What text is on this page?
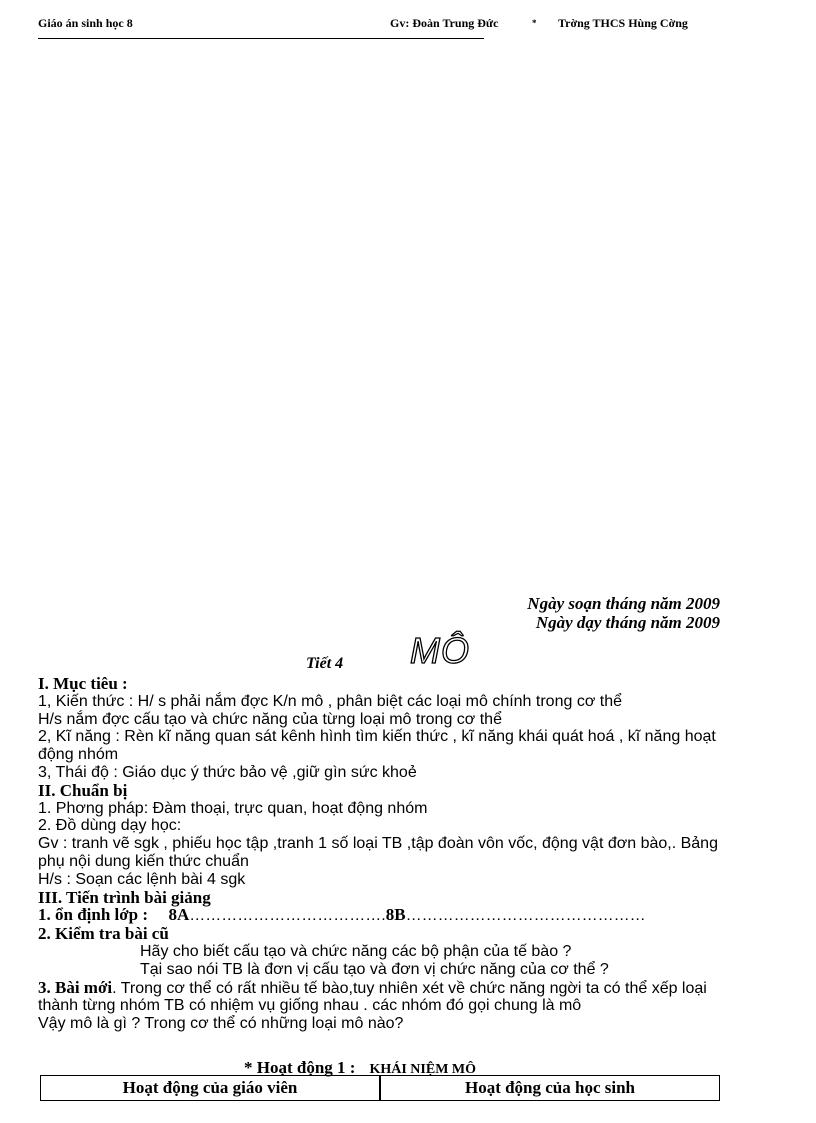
Giáo án sinh học 8	Gv: Đoàn Trung Đức	* Trờng THCS Hùng Cờng
Ngày soạn tháng năm 2009
Ngày dạy tháng năm 2009
Tiết 4 MÔ

I. Mục tiêu :

1, Kiến thức : H/ s phải nắm đợc K/n mô , phân biệt các loại mô chính trong cơ thể

H/s nắm đợc cấu tạo và chức năng của từng loại mô trong cơ thể

2, Kĩ năng : Rèn kĩ năng quan sát kênh hình tìm kiến thức , kĩ năng khái quát hoá , kĩ năng hoạt động nhóm

3, Thái độ : Giáo dục ý thức bảo vệ ,giữ gìn sức khoẻ

II. Chuẩn bị

1. Phơng pháp: Đàm thoại, trực quan, hoạt động nhóm

2. Đồ dùng dạy học:

Gv : tranh vẽ sgk , phiếu học tập ,tranh 1 số loại TB ,tập đoàn vôn vốc, động vật đơn bào,. Bảng phụ nội dung kiến thức chuẩn

H/s : Soạn các lệnh bài 4 sgk

III. Tiến trình bài giảng

1. ổn định lớp : 8A……………………………….8B………………………………………

2. Kiểm tra bài cũ

Hãy cho biết cấu tạo và chức năng các bộ phận của tế bào ?

Tại sao nói TB là đơn vị cấu tạo và đơn vị chức năng của cơ thể ?

3. Bài mới. Trong cơ thể có rất nhiều tế bào,tuy nhiên xét về chức năng ngời ta có thể xếp loại thành từng nhóm TB có nhiệm vụ giống nhau . các nhóm đó gọi chung là mô

Vậy mô là gì ? Trong cơ thể có những loại mô nào?

* Hoạt động 1 : KHÁI NIỆM MÔ
Hoạt động của giáo viên	Hoạt động của học sinh
